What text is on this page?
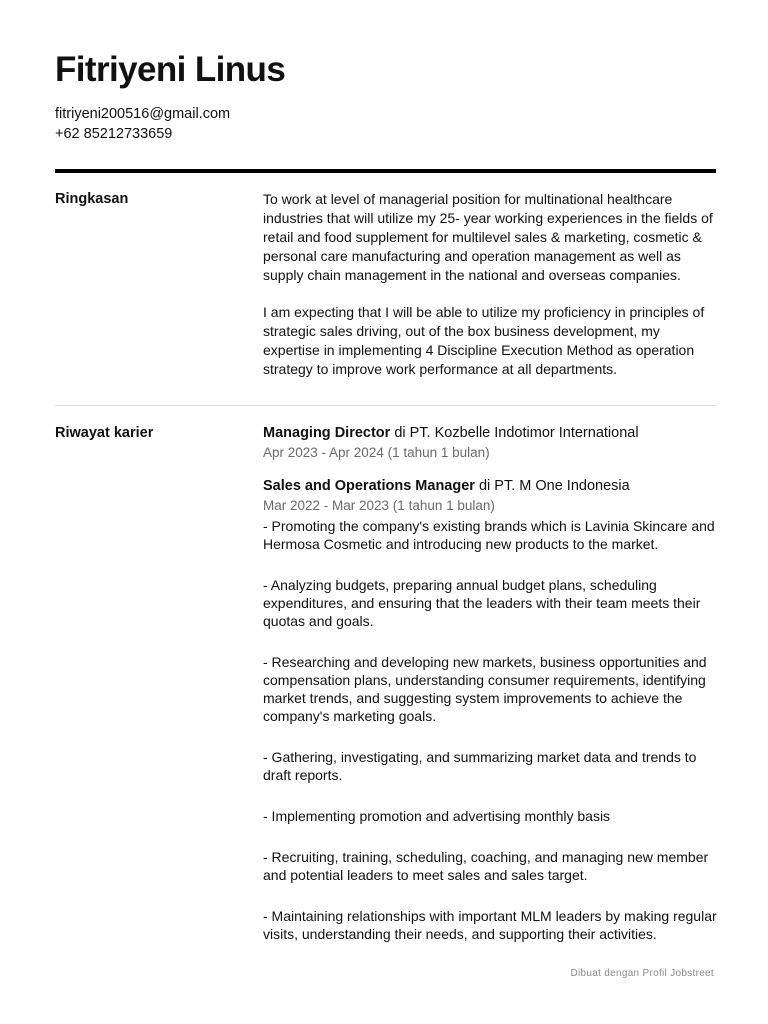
Fitriyeni Linus
fitriyeni200516@gmail.com
+62 85212733659
Ringkasan	To work at level of managerial position for multinational healthcare industries that will utilize my 25- year working experiences in the fields of retail and food supplement for multilevel sales & marketing, cosmetic & personal care manufacturing and operation management as well as supply chain management in the national and overseas companies.

I am expecting that I will be able to utilize my proficiency in principles of strategic sales driving, out of the box business development, my expertise in implementing 4 Discipline Execution Method as operation strategy to improve work performance at all departments.

Riwayat karier	Managing Director di PT. Kozbelle Indotimor International
Apr 2023 - Apr 2024 (1 tahun 1 bulan)
Sales and Operations Manager di PT. M One Indonesia
Mar 2022 - Mar 2023 (1 tahun 1 bulan)

- Promoting the company's existing brands which is Lavinia Skincare and Hermosa Cosmetic and introducing new products to the market.

- Analyzing budgets, preparing annual budget plans, scheduling expenditures, and ensuring that the leaders with their team meets their quotas and goals.

- Researching and developing new markets, business opportunities and compensation plans, understanding consumer requirements, identifying market trends, and suggesting system improvements to achieve the company's marketing goals.

- Gathering, investigating, and summarizing market data and trends to draft reports.

- Implementing promotion and advertising monthly basis

- Recruiting, training, scheduling, coaching, and managing new member and potential leaders to meet sales and sales target.

- Maintaining relationships with important MLM leaders by making regular visits, understanding their needs, and supporting their activities.

Dibuat dengan Profil Jobstreet
